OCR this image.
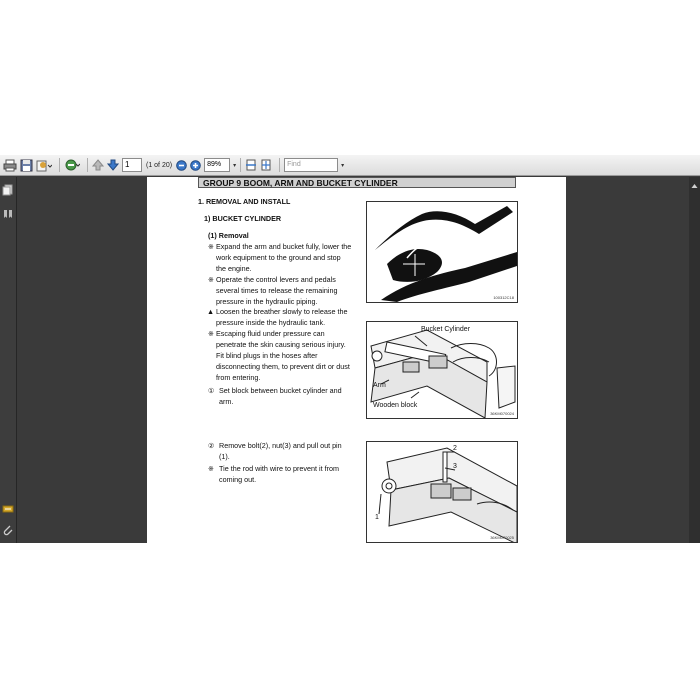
1	(1 of 20)	89%	▾	Find	▾
GROUP 9 BOOM, ARM AND BUCKET CYLINDER
1. REMOVAL AND INSTALL
1) BUCKET CYLINDER
(1) Removal
※ Expand the arm and bucket fully, lower the
work equipment to the ground and stop
the engine.
※ Operate the control levers and pedals
several times to release the remaining
pressure in the hydraulic piping.
▲ Loosen the breather slowly to release the
pressure inside the hydraulic tank.
※ Escaping fluid under pressure can
penetrate the skin causing serious injury.
Fit blind plugs in the hoses after
disconnecting them, to prevent dirt or dust
from entering.
① Set block between bucket cylinder and
arm.
② Remove bolt(2), nut(3) and pull out pin
(1).
※ Tie the rod with wire to prevent it from
coming out.
100312C18
Bucket Cylinder
Arm
Wooden block
36KM070024
2
3
1
36KM070025
